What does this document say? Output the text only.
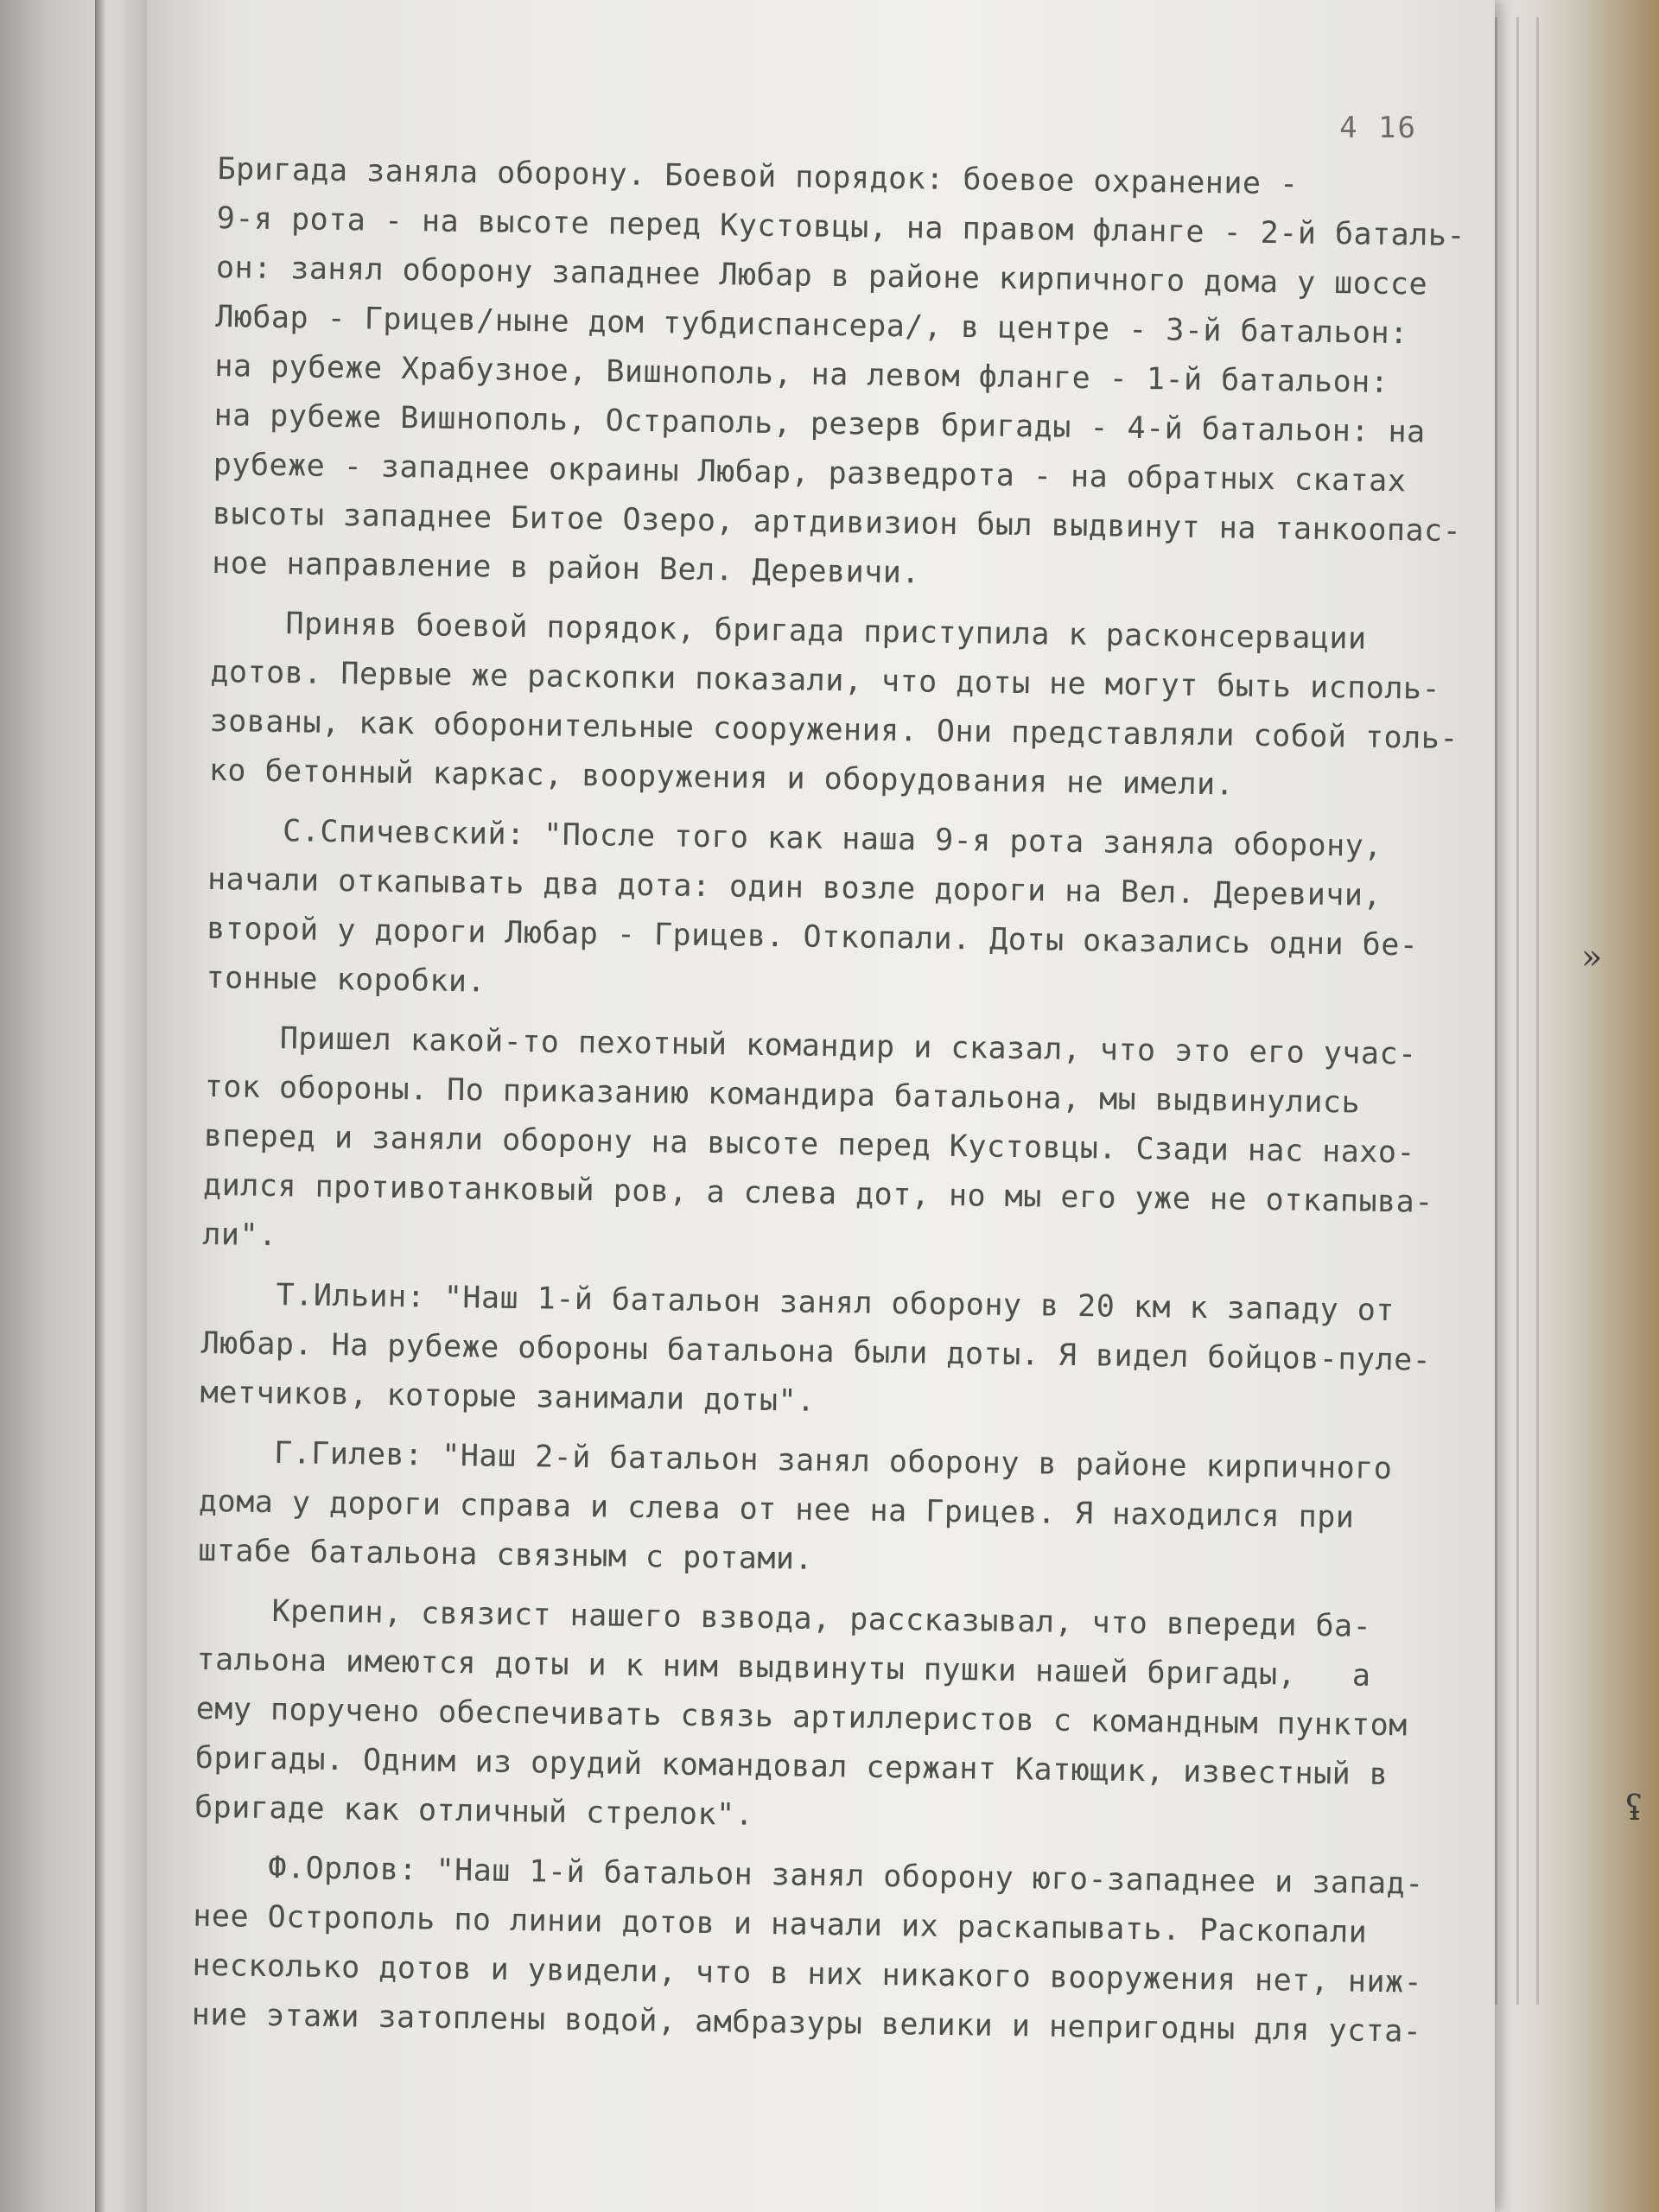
4 16
Бригада заняла оборону. Боевой порядок: боевое охранение -
9-я рота - на высоте перед Кустовцы, на правом фланге - 2-й баталь-
он: занял оборону западнее Любар в районе кирпичного дома у шоссе
Любар - Грицев/ныне дом тубдиспансера/, в центре - 3-й батальон:
на рубеже Храбузное, Вишнополь, на левом фланге - 1-й батальон:
на рубеже Вишнополь, Остраполь, резерв бригады - 4-й батальон: на
рубеже - западнее окраины Любар, разведрота - на обратных скатах
высоты западнее Битое Озеро, артдивизион был выдвинут на танкоопас-
ное направление в район Вел. Деревичи.
Приняв боевой порядок, бригада приступила к расконсервации
дотов. Первые же раскопки показали, что доты не могут быть исполь-
зованы, как оборонительные сооружения. Они представляли собой толь-
ко бетонный каркас, вооружения и оборудования не имели.
С.Спичевский: "После того как наша 9-я рота заняла оборону,
начали откапывать два дота: один возле дороги на Вел. Деревичи,
второй у дороги Любар - Грицев. Откопали. Доты оказались одни бе-
тонные коробки.
Пришел какой-то пехотный командир и сказал, что это его учас-
ток обороны. По приказанию командира батальона, мы выдвинулись
вперед и заняли оборону на высоте перед Кустовцы. Сзади нас нахо-
дился противотанковый ров, а слева дот, но мы его уже не откапыва-
ли".
Т.Ильин: "Наш 1-й батальон занял оборону в 20 км к западу от
Любар. На рубеже обороны батальона были доты. Я видел бойцов-пуле-
метчиков, которые занимали доты".
Г.Гилев: "Наш 2-й батальон занял оборону в районе кирпичного
дома у дороги справа и слева от нее на Грицев. Я находился при
штабе батальона связным с ротами.
Крепин, связист нашего взвода, рассказывал, что впереди ба-
тальона имеются доты и к ним выдвинуты пушки нашей бригады,   а
ему поручено обеспечивать связь артиллеристов с командным пунктом
бригады. Одним из орудий командовал сержант Катющик, известный в
бригаде как отличный стрелок".
Ф.Орлов: "Наш 1-й батальон занял оборону юго-западнее и запад-
нее Острополь по линии дотов и начали их раскапывать. Раскопали
несколько дотов и увидели, что в них никакого вооружения нет, ниж-
ние этажи затоплены водой, амбразуры велики и непригодны для уста-
»
ʢ
